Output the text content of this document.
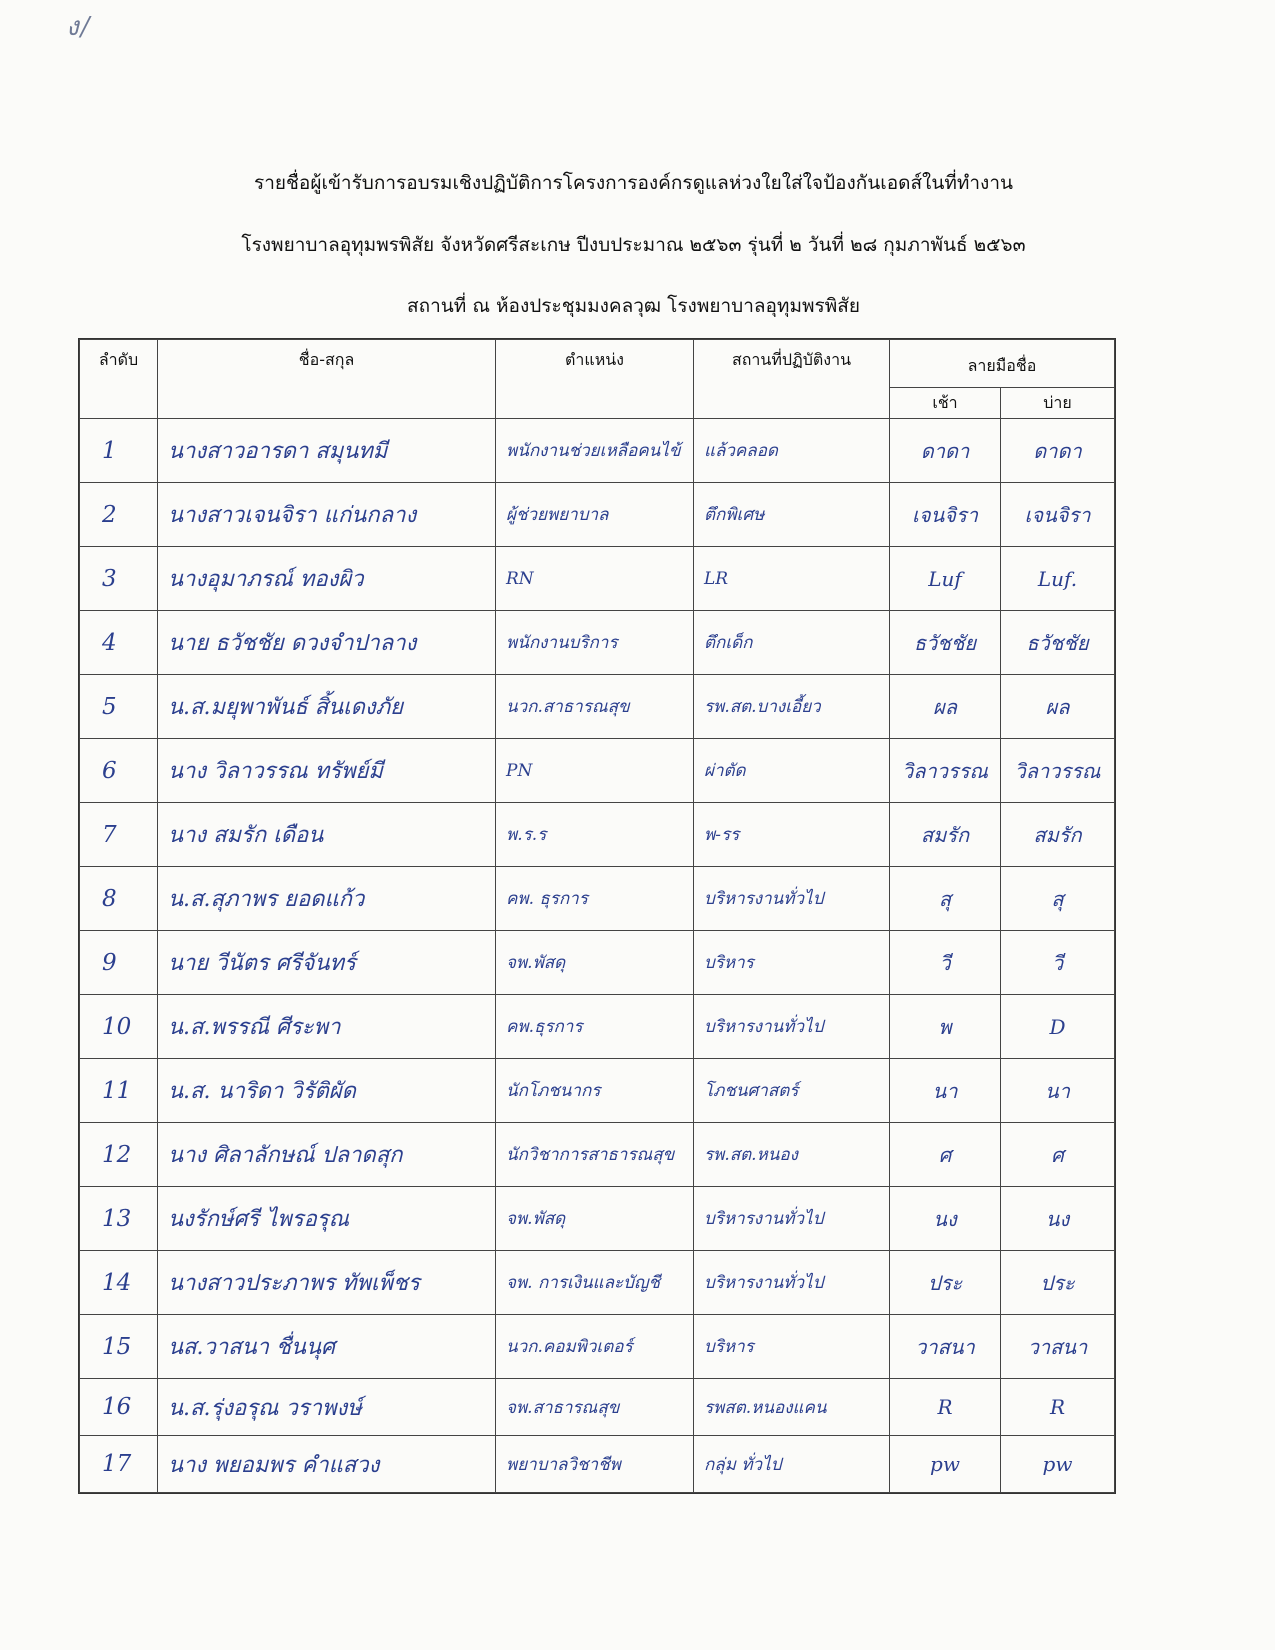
ง/
รายชื่อผู้เข้ารับการอบรมเชิงปฏิบัติการโครงการองค์กรดูแลห่วงใยใส่ใจป้องกันเอดส์ในที่ทำงาน
โรงพยาบาลอุทุมพรพิสัย จังหวัดศรีสะเกษ ปีงบประมาณ ๒๕๖๓ รุ่นที่ ๒ วันที่ ๒๘ กุมภาพันธ์ ๒๕๖๓
สถานที่ ณ ห้องประชุมมงคลวุฒ โรงพยาบาลอุทุมพรพิสัย
ลำดับ	ชื่อ-สกุล	ตำแหน่ง	สถานที่ปฏิบัติงาน	ลายมือชื่อ	
				เช้า	บ่าย
1	นางสาวอารดา สมุนทมี	พนักงานช่วยเหลือคนไข้	แล้วคลอด	ดาดา	ดาดา
2	นางสาวเจนจิรา แก่นกลาง	ผู้ช่วยพยาบาล	ตึกพิเศษ	เจนจิรา	เจนจิรา
3	นางอุมาภรณ์ ทองผิว	RN	LR	Luf	Luf.
4	นาย ธวัชชัย ดวงจำปาลาง	พนักงานบริการ	ตึกเด็ก	ธวัชชัย	ธวัชชัย
5	น.ส.มยุพาพันธ์ สิ้นเดงภัย	นวก.สาธารณสุข	รพ.สต.บางเอี้ยว	ผล	ผล
6	นาง วิลาวรรณ ทรัพย์มี	PN	ผ่าตัด	วิลาวรรณ	วิลาวรรณ
7	นาง สมรัก เดือน	พ.ร.ร	พ-รร	สมรัก	สมรัก
8	น.ส.สุภาพร ยอดแก้ว	คพ. ธุรการ	บริหารงานทั่วไป	สุ	สุ
9	นาย วีนัตร ศรีจันทร์	จพ.พัสดุ	บริหาร	วี	วี
10	น.ส.พรรณี ศีระพา	คพ.ธุรการ	บริหารงานทั่วไป	พ	D
11	น.ส. นาริดา วิรัติผัด	นักโภชนากร	โภชนศาสตร์	นา	นา
12	นาง ศิลาลักษณ์ ปลาดสุก	นักวิชาการสาธารณสุข	รพ.สต.หนอง	ศ	ศ
13	นงรักษ์ศรี ไพรอรุณ	จพ.พัสดุ	บริหารงานทั่วไป	นง	นง
14	นางสาวประภาพร ทัพเพ็ชร	จพ. การเงินและบัญชี	บริหารงานทั่วไป	ประ	ประ
15	นส.วาสนา ชื่นนุศ	นวก.คอมพิวเตอร์	บริหาร	วาสนา	วาสนา
16	น.ส.รุ่งอรุณ วราพงษ์	จพ.สาธารณสุข	รพสต.หนองแคน	R	R
17	นาง พยอมพร คำแสวง	พยาบาลวิชาชีพ	กลุ่ม ทั่วไป	pw	pw
